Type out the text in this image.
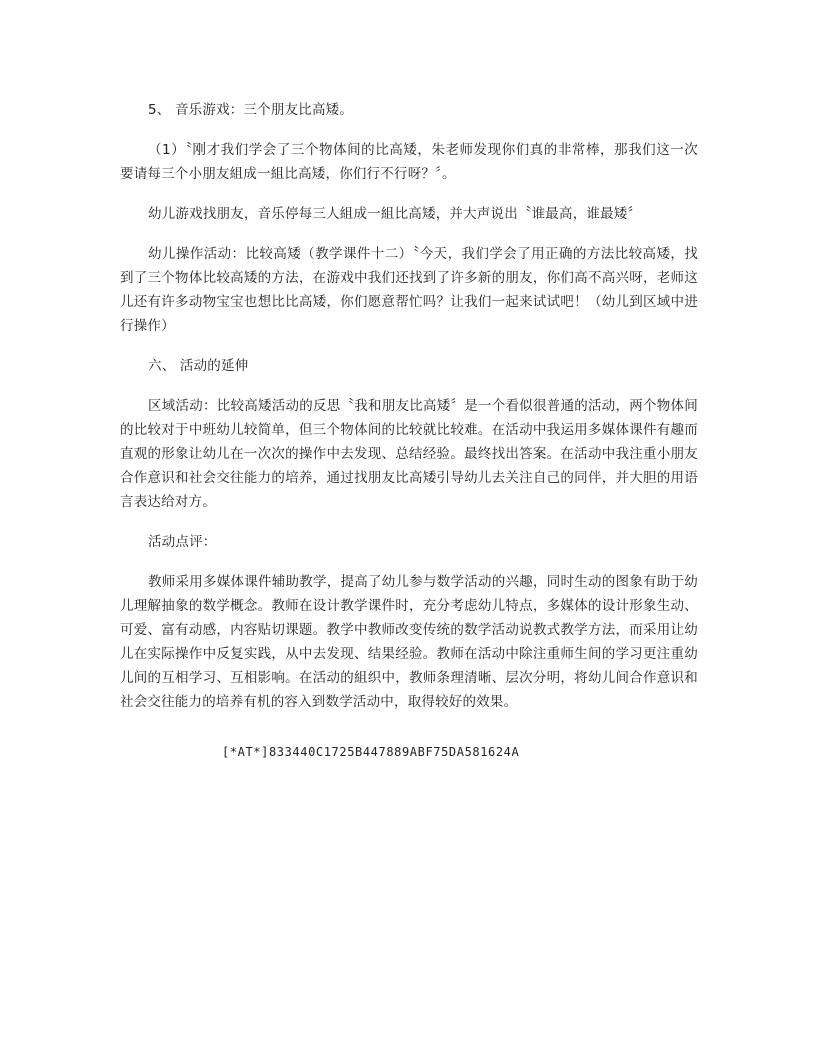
5、 音乐游戏：三个朋友比高矮。

（1）〝刚才我们学会了三个物体间的比高矮，朱老师发现你们真的非常棒，那我们这一次要请每三个小朋友組成一組比高矮，你们行不行呀？〞。

幼儿游戏找朋友，音乐停每三人組成一組比高矮，并大声说出〝谁最高，谁最矮〞

幼儿操作活动：比较高矮（教学课件十二）〝今天，我们学会了用正确的方法比较高矮，找到了三个物体比较高矮的方法，在游戏中我们还找到了许多新的朋友，你们高不高兴呀，老师这儿还有许多动物宝宝也想比比高矮，你们愿意帮忙吗？让我们一起来试试吧！（幼儿到区域中进行操作）

六、 活动的延伸

区域活动：比较高矮活动的反思〝我和朋友比高矮〞是一个看似很普通的活动，两个物体间的比较对于中班幼儿较简单，但三个物体间的比较就比较难。在活动中我运用多媒体课件有趣而直观的形象让幼儿在一次次的操作中去发现、总结经验。最终找出答案。在活动中我注重小朋友合作意识和社会交往能力的培养，通过找朋友比高矮引导幼儿去关注自己的同伴，并大胆的用语言表达给对方。

活动点评：

教师采用多媒体课件辅助教学，提高了幼儿参与数学活动的兴趣，同时生动的图象有助于幼儿理解抽象的数学概念。教师在设计教学课件时，充分考虑幼儿特点，多媒体的设计形象生动、可爱、富有动感，内容贴切课题。教学中教师改变传统的数学活动说教式教学方法，而采用让幼儿在实际操作中反复实践，从中去发现、结果经验。教师在活动中除注重师生间的学习更注重幼儿间的互相学习、互相影响。在活动的組织中，教师条理清晰、层次分明，将幼儿间合作意识和社会交往能力的培养有机的容入到数学活动中，取得较好的效果。

[*AT*]833440C1725B447889ABF75DA581624A
